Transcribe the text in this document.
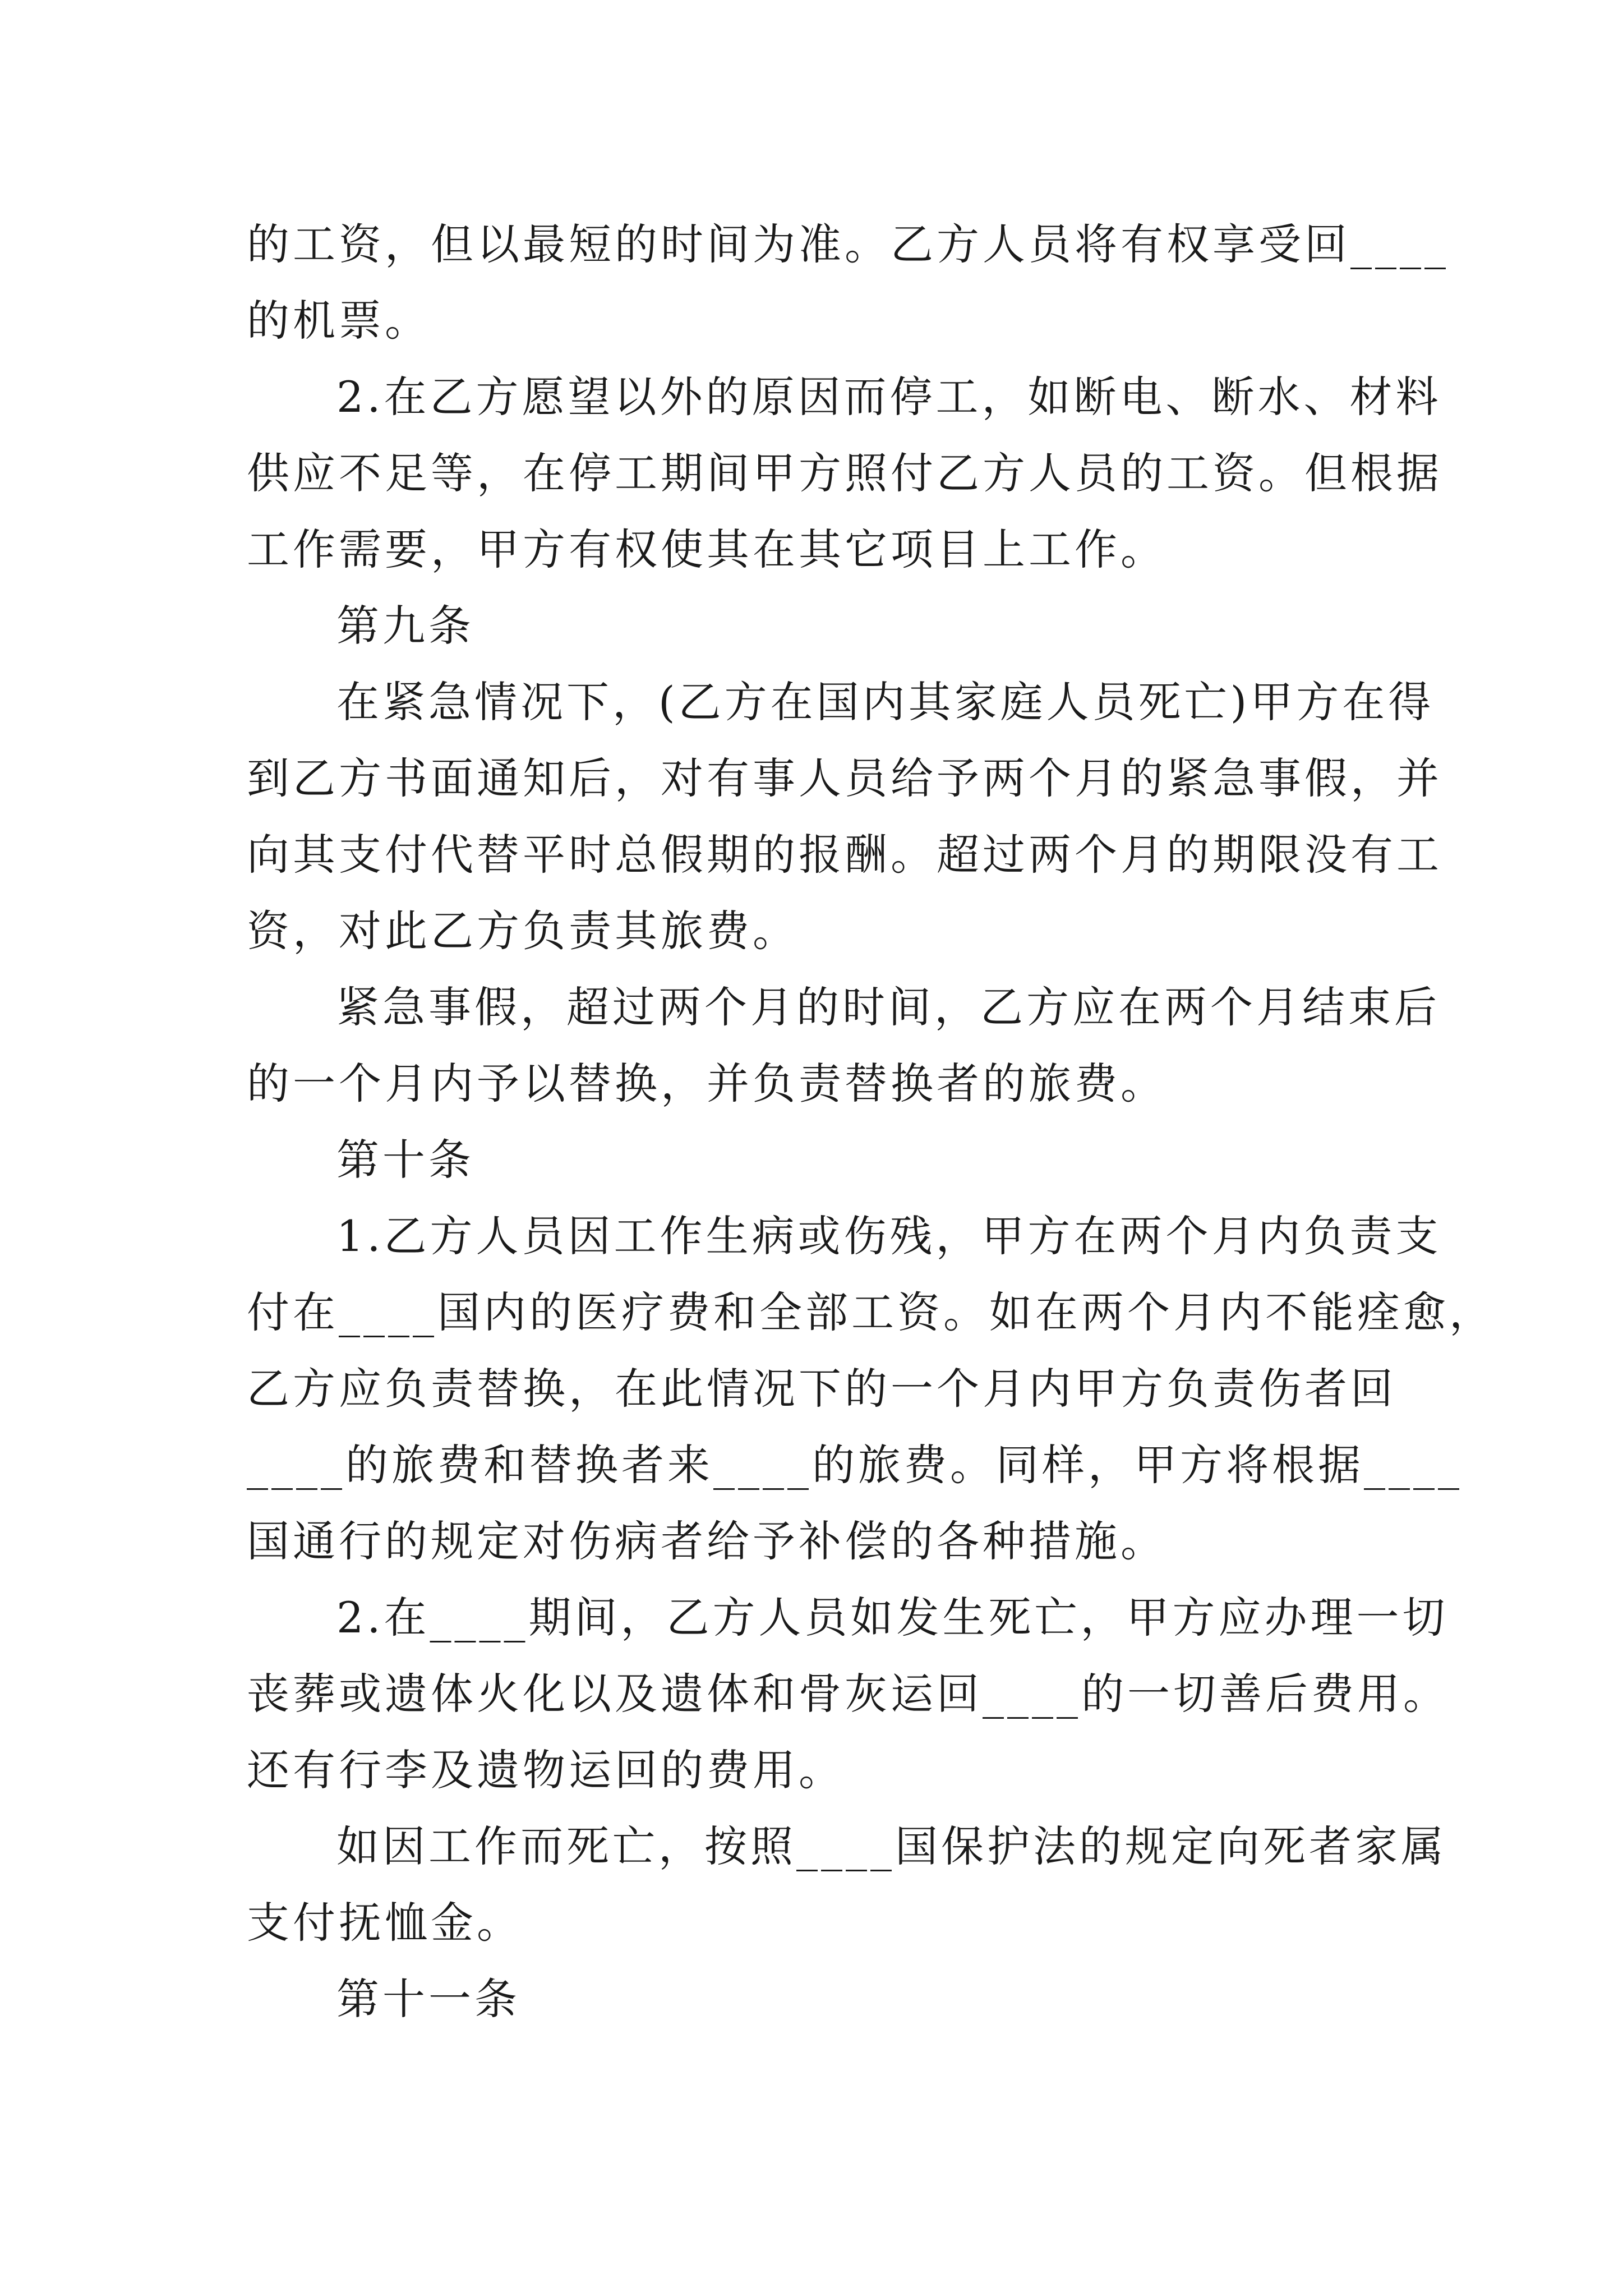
的工资，但以最短的时间为准。乙方人员将有权享受回____

的机票。

2.在乙方愿望以外的原因而停工，如断电、断水、材料

供应不足等，在停工期间甲方照付乙方人员的工资。但根据

工作需要，甲方有权使其在其它项目上工作。

第九条

在紧急情况下，(乙方在国内其家庭人员死亡)甲方在得

到乙方书面通知后，对有事人员给予两个月的紧急事假，并

向其支付代替平时总假期的报酬。超过两个月的期限没有工

资，对此乙方负责其旅费。

紧急事假，超过两个月的时间，乙方应在两个月结束后

的一个月内予以替换，并负责替换者的旅费。

第十条

1.乙方人员因工作生病或伤残，甲方在两个月内负责支

付在____国内的医疗费和全部工资。如在两个月内不能痊愈，

乙方应负责替换，在此情况下的一个月内甲方负责伤者回

____的旅费和替换者来____的旅费。同样，甲方将根据____

国通行的规定对伤病者给予补偿的各种措施。

2.在____期间，乙方人员如发生死亡，甲方应办理一切

丧葬或遗体火化以及遗体和骨灰运回____的一切善后费用。

还有行李及遗物运回的费用。

如因工作而死亡，按照____国保护法的规定向死者家属

支付抚恤金。

第十一条
